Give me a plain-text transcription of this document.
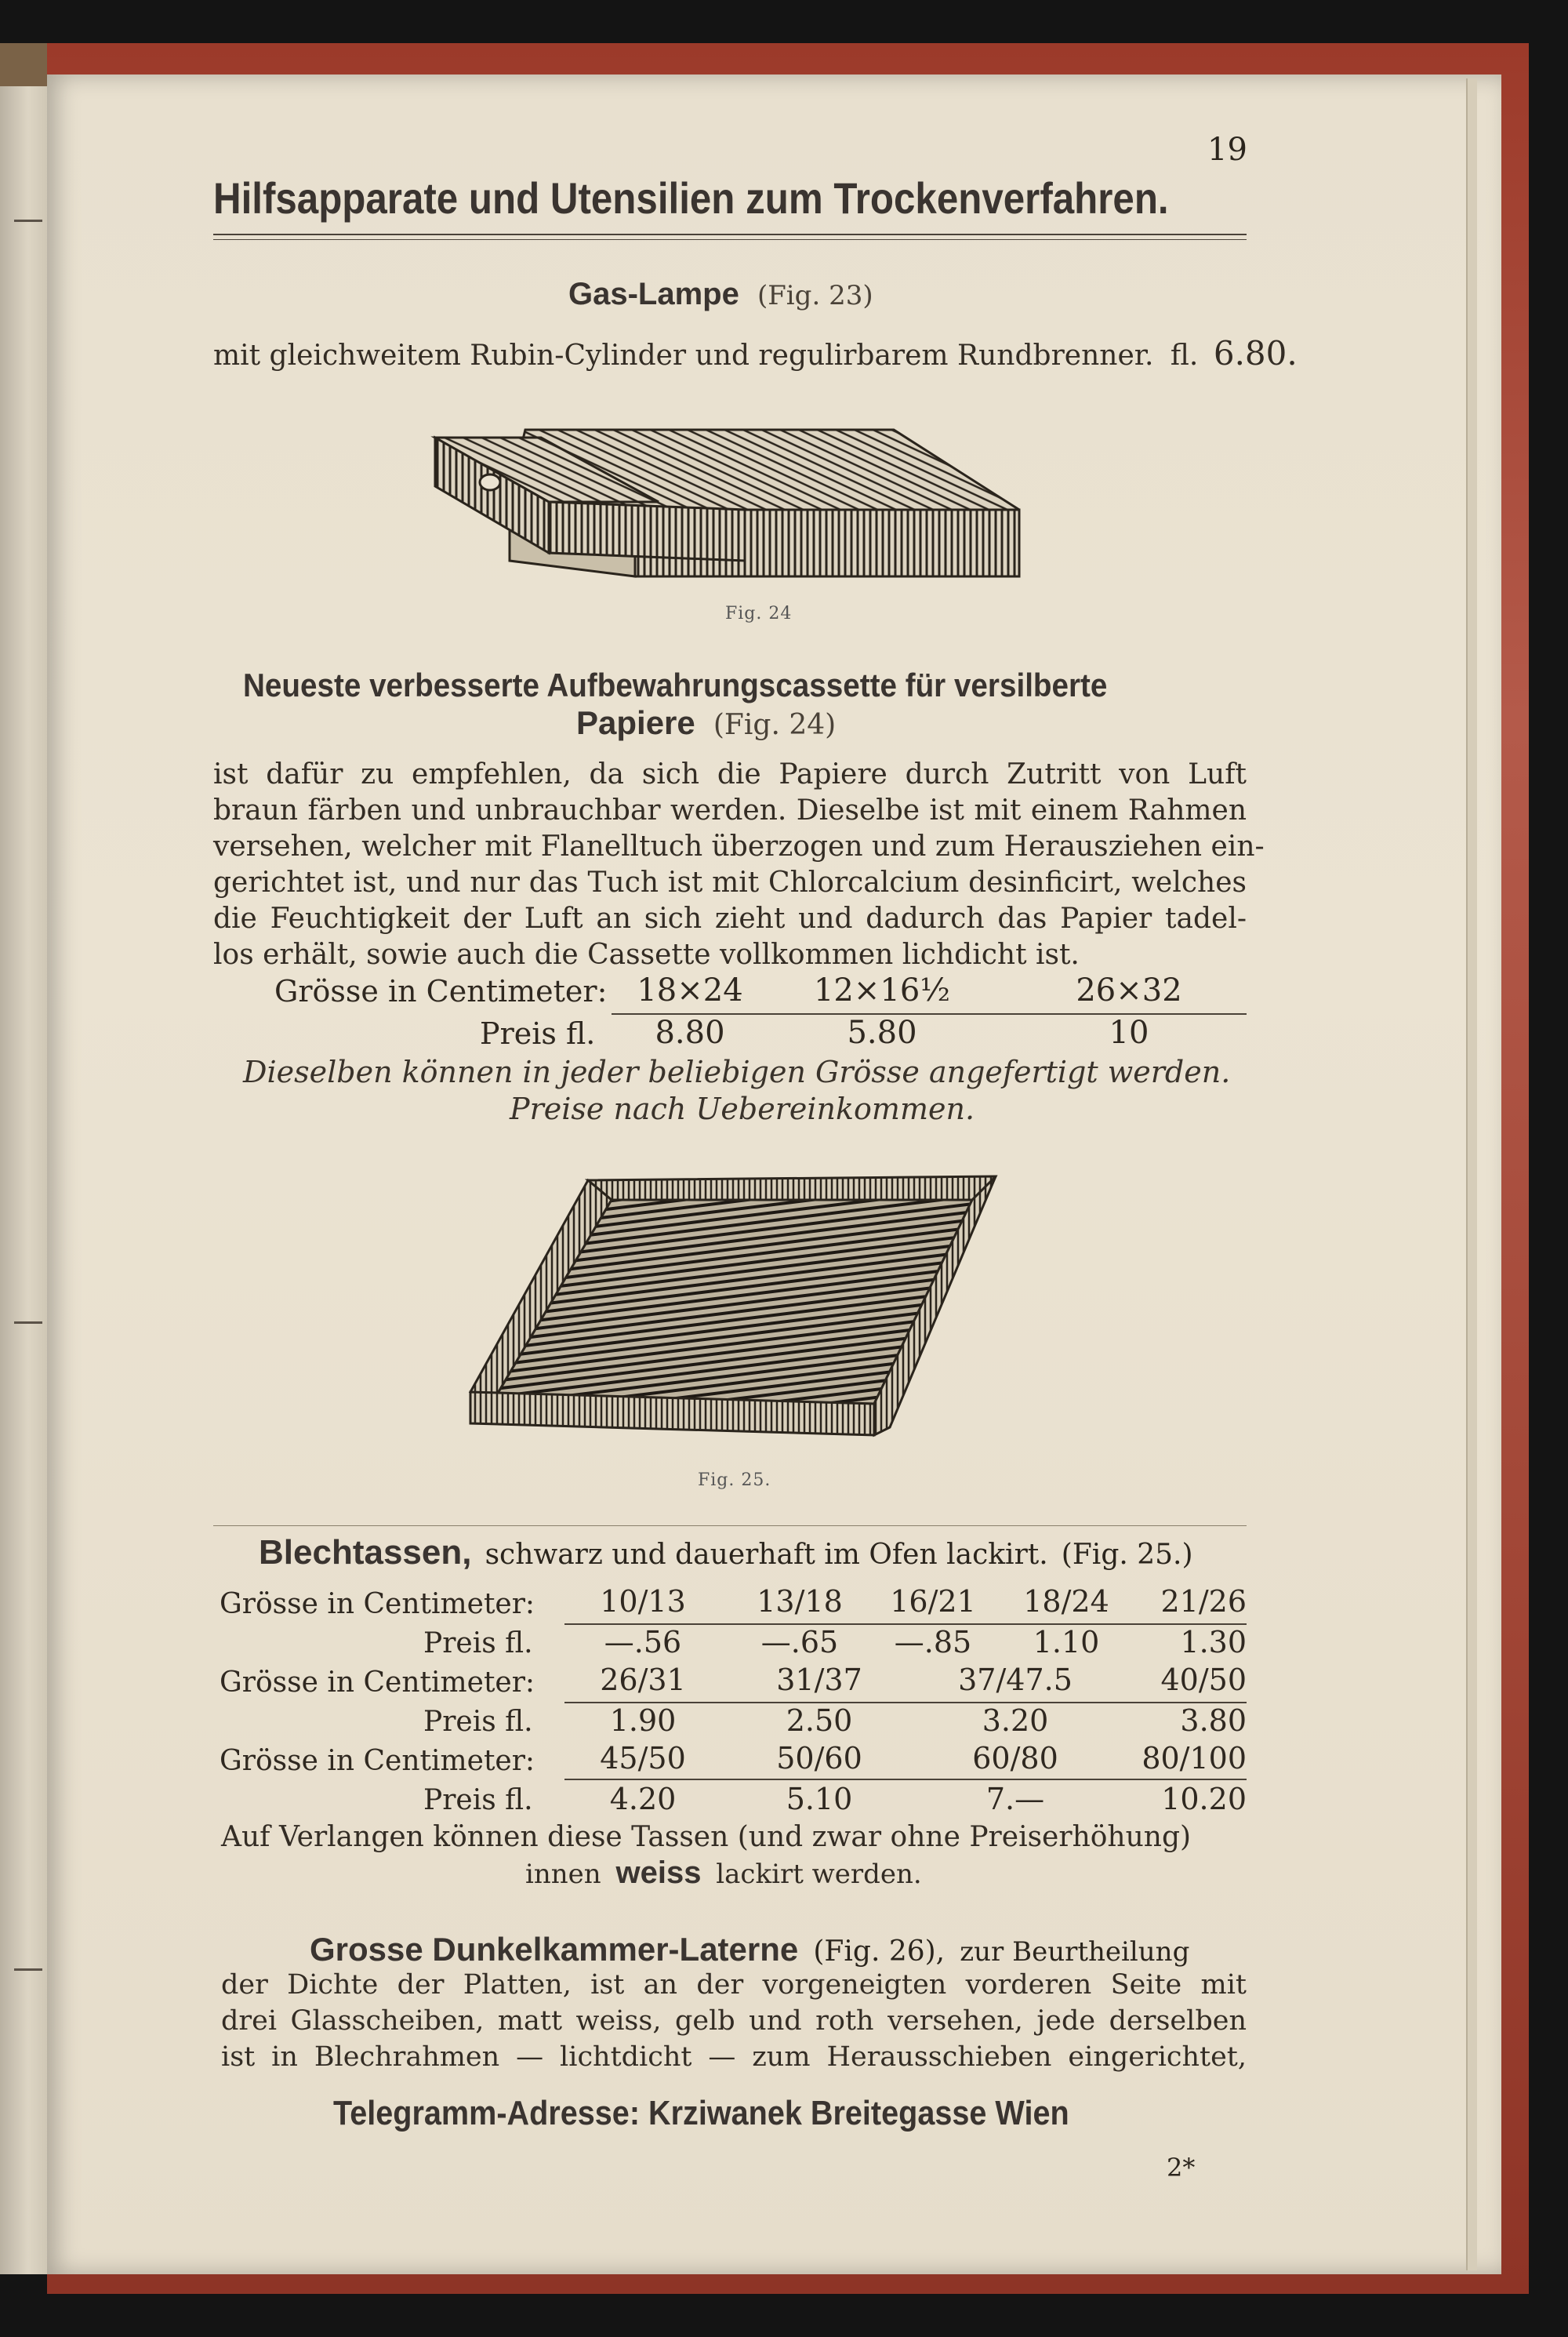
19
Hilfsapparate und Utensilien zum Trockenverfahren.
Gas-Lampe (Fig. 23)
mit gleichweitem Rubin-Cylinder und regulirbarem Rundbrenner. fl. 6.80.
Fig. 24
Neueste verbesserte Aufbewahrungscassette für versilberte
Papiere (Fig. 24)
ist dafür zu empfehlen, da sich die Papiere durch Zutritt von Luft
braun färben und unbrauchbar werden. Dieselbe ist mit einem Rahmen
versehen, welcher mit Flanelltuch überzogen und zum Herausziehen ein-
gerichtet ist, und nur das Tuch ist mit Chlorcalcium desinficirt, welches
die Feuchtigkeit der Luft an sich zieht und dadurch das Papier tadel-
los erhält, sowie auch die Cassette vollkommen lichdicht ist.
Grösse in Centimeter: 18×24	12×16½	26×32
Preis fl.	8.80	5.80	10
Dieselben können in jeder beliebigen Grösse angefertigt werden.
Preise nach Uebereinkommen.
Fig. 25.
Blechtassen, schwarz und dauerhaft im Ofen lackirt. (Fig. 25.)
Grösse in Centimeter:	10/13	13/18	16/21	18/24	21/26
Preis fl.	—.56	—.65	—.85	1.10	1.30
Grösse in Centimeter:	26/31	31/37	37/47.5	40/50
Preis fl.	1.90	2.50	3.20	3.80
Grösse in Centimeter:	45/50	50/60	60/80	80/100
Preis fl.	4.20	5.10	7.—	10.20
Auf Verlangen können diese Tassen (und zwar ohne Preiserhöhung)
innen weiss lackirt werden.
Grosse Dunkelkammer-Laterne (Fig. 26), zur Beurtheilung
der Dichte der Platten, ist an der vorgeneigten vorderen Seite mit
drei Glasscheiben, matt weiss, gelb und roth versehen, jede derselben
ist in Blechrahmen — lichtdicht — zum Herausschieben eingerichtet,
Telegramm-Adresse: Krziwanek Breitegasse Wien
2*
